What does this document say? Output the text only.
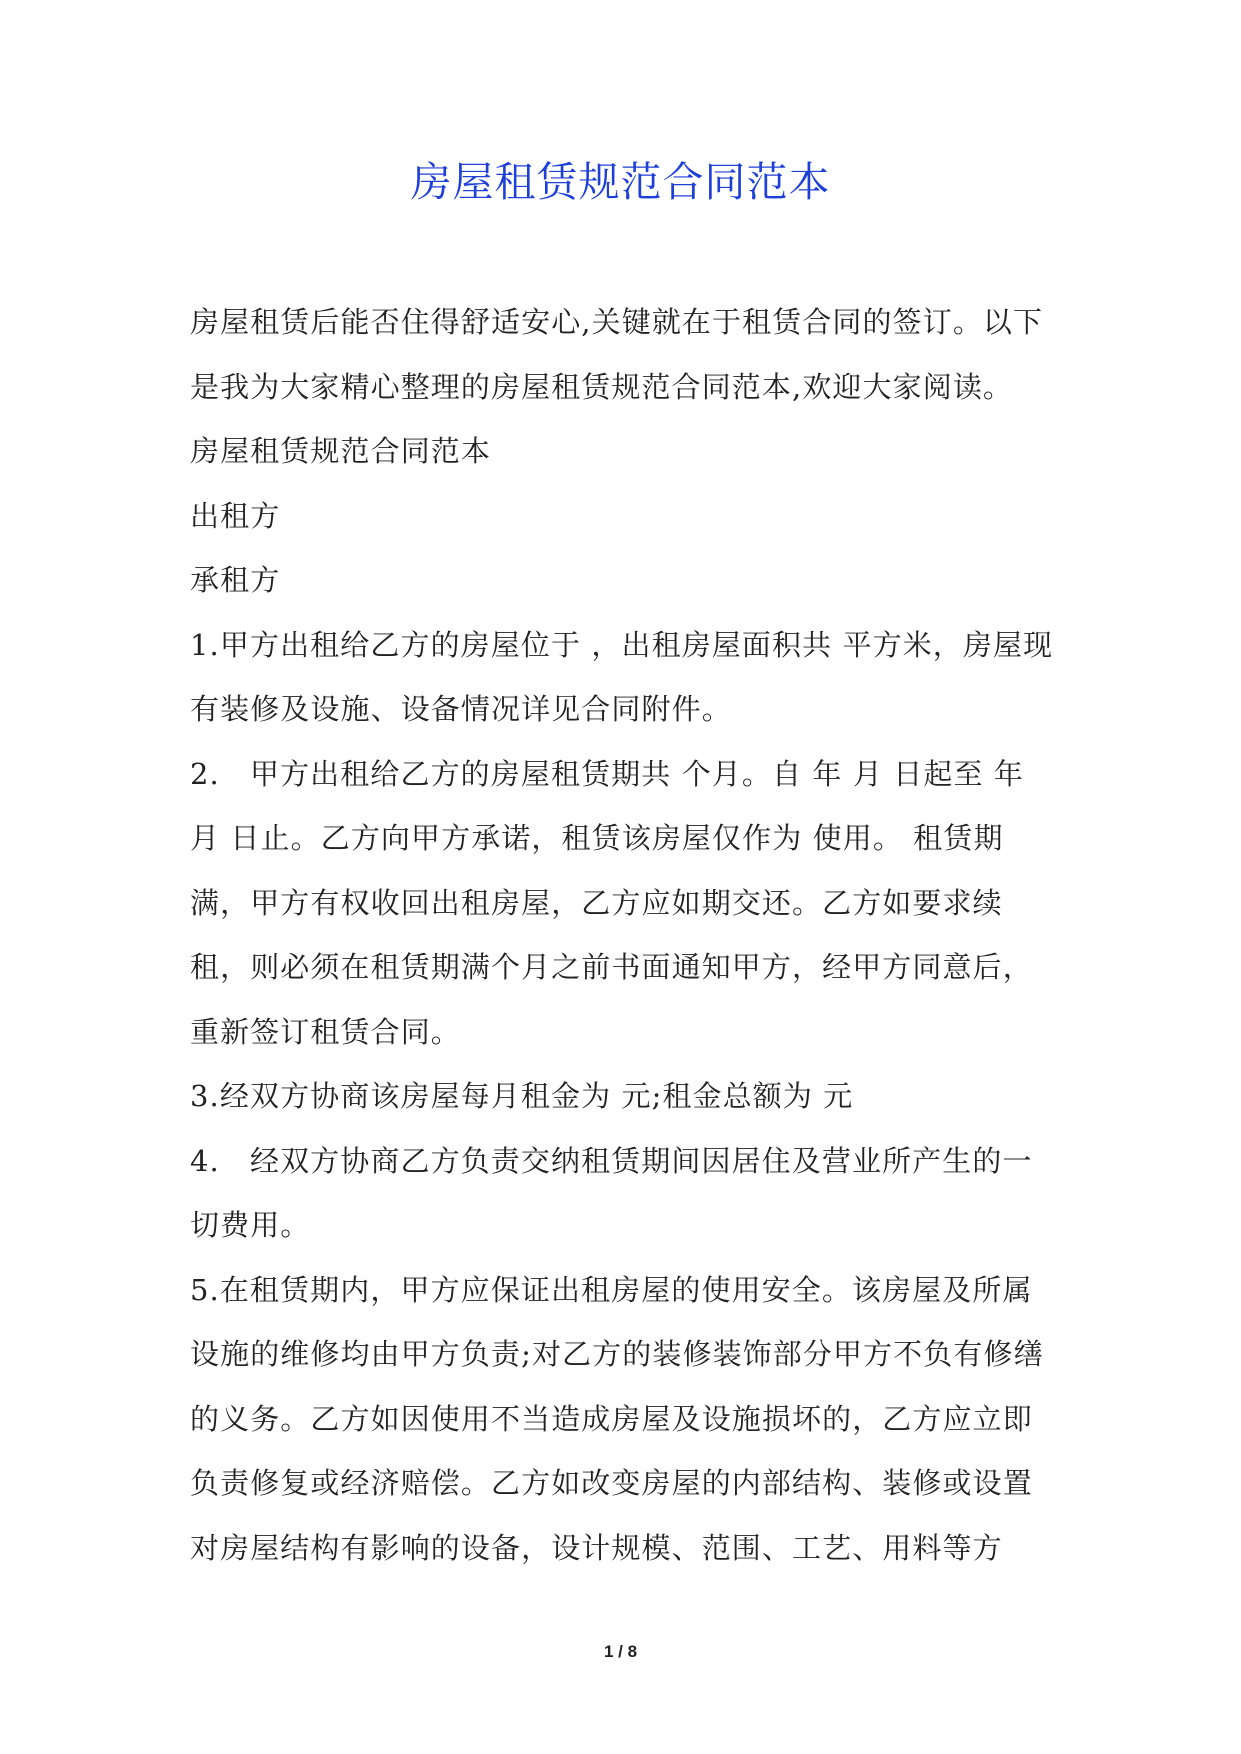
房屋租赁规范合同范本

房屋租赁后能否住得舒适安心,关键就在于租赁合同的签订。以下是我为大家精心整理的房屋租赁规范合同范本,欢迎大家阅读。

房屋租赁规范合同范本

出租方

承租方

1.甲方出租给乙方的房屋位于 ，出租房屋面积共 平方米，房屋现有装修及设施、设备情况详见合同附件。

2.　甲方出租给乙方的房屋租赁期共 个月。自 年 月 日起至 年 月 日止。乙方向甲方承诺，租赁该房屋仅作为 使用。 租赁期满，甲方有权收回出租房屋，乙方应如期交还。乙方如要求续租，则必须在租赁期满个月之前书面通知甲方，经甲方同意后，重新签订租赁合同。

3.经双方协商该房屋每月租金为 元;租金总额为 元

4.　经双方协商乙方负责交纳租赁期间因居住及营业所产生的一切费用。

5.在租赁期内，甲方应保证出租房屋的使用安全。该房屋及所属设施的维修均由甲方负责;对乙方的装修装饰部分甲方不负有修缮的义务。乙方如因使用不当造成房屋及设施损坏的，乙方应立即负责修复或经济赔偿。乙方如改变房屋的内部结构、装修或设置对房屋结构有影响的设备，设计规模、范围、工艺、用料等方

1 / 8
